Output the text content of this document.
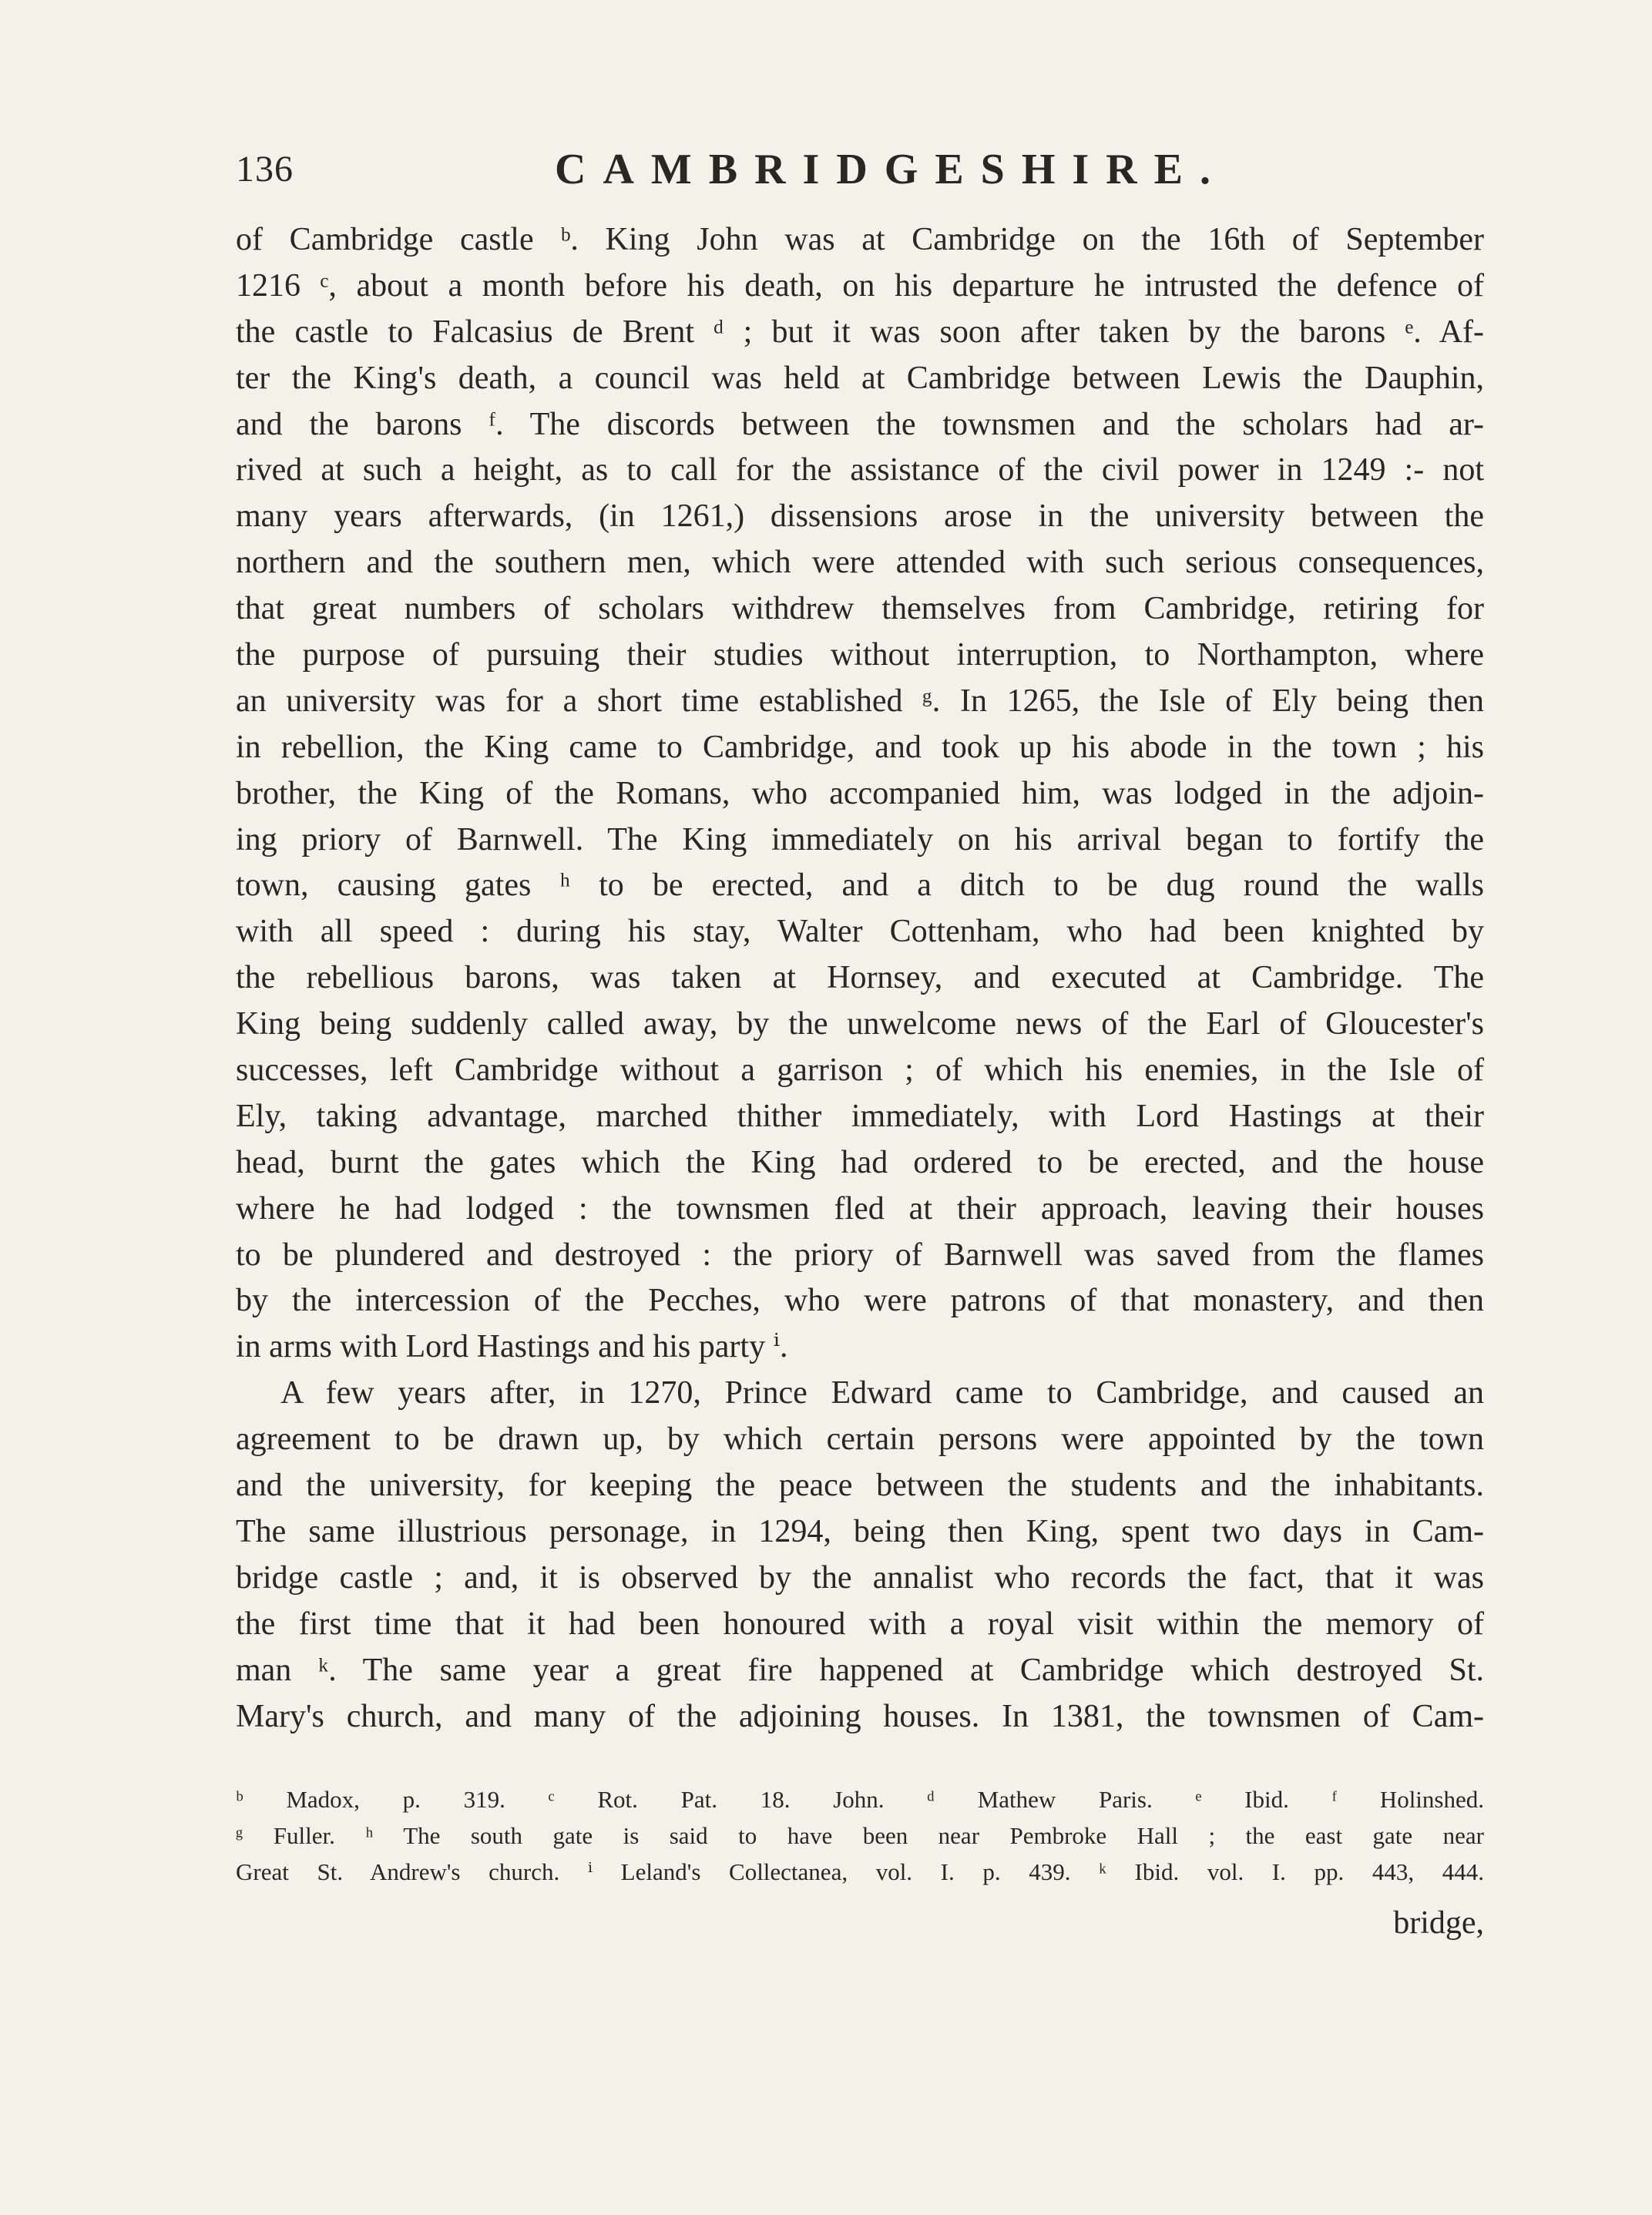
136	CAMBRIDGESHIRE.
of Cambridge castle ᵇ. King John was at Cambridge on the 16th of September
1216 ᶜ, about a month before his death, on his departure he intrusted the defence of
the castle to Falcasius de Brent ᵈ ; but it was soon after taken by the barons ᵉ. Af-
ter the King's death, a council was held at Cambridge between Lewis the Dauphin,
and the barons ᶠ. The discords between the townsmen and the scholars had ar-
rived at such a height, as to call for the assistance of the civil power in 1249 :- not
many years afterwards, (in 1261,) dissensions arose in the university between the
northern and the southern men, which were attended with such serious consequences,
that great numbers of scholars withdrew themselves from Cambridge, retiring for
the purpose of pursuing their studies without interruption, to Northampton, where
an university was for a short time established ᵍ. In 1265, the Isle of Ely being then
in rebellion, the King came to Cambridge, and took up his abode in the town ; his
brother, the King of the Romans, who accompanied him, was lodged in the adjoin-
ing priory of Barnwell. The King immediately on his arrival began to fortify the
town, causing gates ʰ to be erected, and a ditch to be dug round the walls
with all speed : during his stay, Walter Cottenham, who had been knighted by
the rebellious barons, was taken at Hornsey, and executed at Cambridge. The
King being suddenly called away, by the unwelcome news of the Earl of Gloucester's
successes, left Cambridge without a garrison ; of which his enemies, in the Isle of
Ely, taking advantage, marched thither immediately, with Lord Hastings at their
head, burnt the gates which the King had ordered to be erected, and the house
where he had lodged : the townsmen fled at their approach, leaving their houses
to be plundered and destroyed : the priory of Barnwell was saved from the flames
by the intercession of the Pecches, who were patrons of that monastery, and then
in arms with Lord Hastings and his party ⁱ.
A few years after, in 1270, Prince Edward came to Cambridge, and caused an
agreement to be drawn up, by which certain persons were appointed by the town
and the university, for keeping the peace between the students and the inhabitants.
The same illustrious personage, in 1294, being then King, spent two days in Cam-
bridge castle ; and, it is observed by the annalist who records the fact, that it was
the first time that it had been honoured with a royal visit within the memory of
man ᵏ. The same year a great fire happened at Cambridge which destroyed St.
Mary's church, and many of the adjoining houses. In 1381, the townsmen of Cam-
ᵇ Madox, p. 319. ᶜ Rot. Pat. 18. John. ᵈ Mathew Paris. ᵉ Ibid. ᶠ Holinshed.
ᵍ Fuller. ʰ The south gate is said to have been near Pembroke Hall ; the east gate near
Great St. Andrew's church. ⁱ Leland's Collectanea, vol. I. p. 439. ᵏ Ibid. vol. I. pp. 443, 444.
bridge,
